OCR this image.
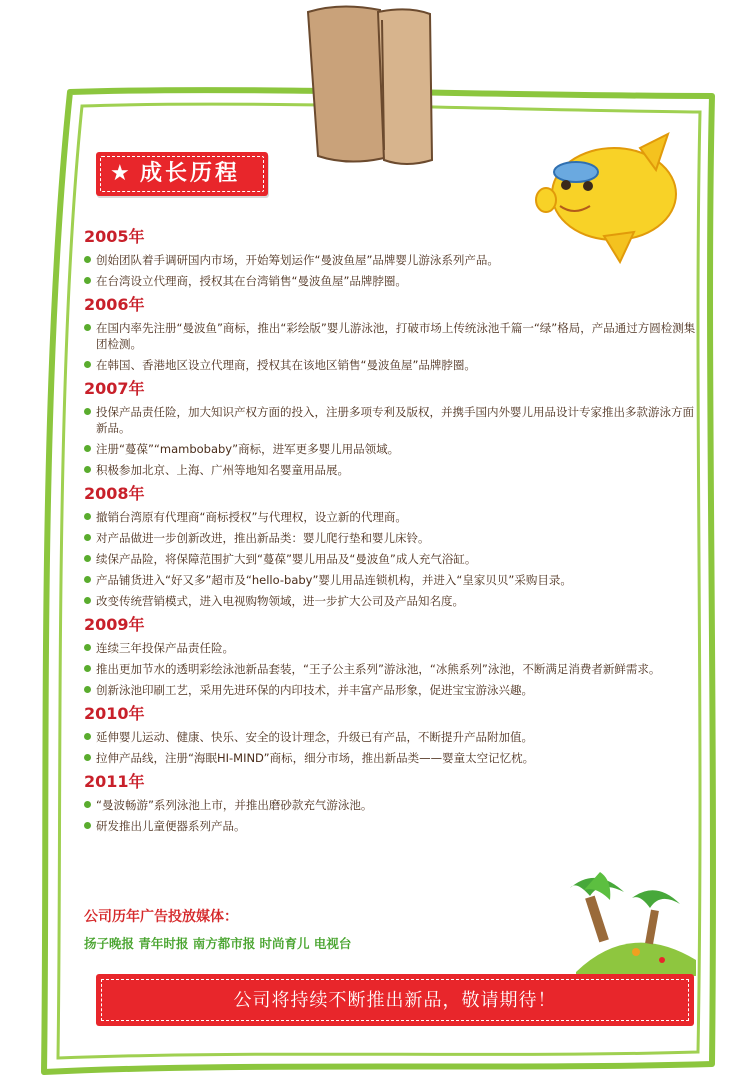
★ 成长历程
2005年
创始团队着手调研国内市场，开始筹划运作“曼波鱼屋”品牌婴儿游泳系列产品。
在台湾设立代理商，授权其在台湾销售“曼波鱼屋”品牌脖圈。
2006年
在国内率先注册“曼波鱼”商标，推出“彩绘版”婴儿游泳池，打破市场上传统泳池千篇一“绿”格局，产品通过方圆检测集团检测。
在韩国、香港地区设立代理商，授权其在该地区销售“曼波鱼屋”品牌脖圈。
2007年
投保产品责任险，加大知识产权方面的投入，注册多项专利及版权，并携手国内外婴儿用品设计专家推出多款游泳方面新品。
注册“蔓葆”“mambobaby”商标，进军更多婴儿用品领域。
积极参加北京、上海、广州等地知名婴童用品展。
2008年
撤销台湾原有代理商“商标授权”与代理权，设立新的代理商。
对产品做进一步创新改进，推出新品类：婴儿爬行垫和婴儿床铃。
续保产品险，将保障范围扩大到“蔓葆”婴儿用品及“曼波鱼”成人充气浴缸。
产品铺货进入“好又多”超市及“hello-baby”婴儿用品连锁机构，并进入“皇家贝贝”采购目录。
改变传统营销模式，进入电视购物领域，进一步扩大公司及产品知名度。
2009年
连续三年投保产品责任险。
推出更加节水的透明彩绘泳池新品套装，“王子公主系列”游泳池，“冰熊系列”泳池，不断满足消费者新鲜需求。
创新泳池印刷工艺，采用先进环保的内印技术，并丰富产品形象，促进宝宝游泳兴趣。
2010年
延伸婴儿运动、健康、快乐、安全的设计理念，升级已有产品，不断提升产品附加值。
拉伸产品线，注册“海眠HI-MIND”商标，细分市场，推出新品类——婴童太空记忆枕。
2011年
“曼波畅游”系列泳池上市，并推出磨砂款充气游泳池。
研发推出儿童便器系列产品。
公司历年广告投放媒体：
扬子晚报 青年时报 南方都市报 时尚育儿 电视台
公司将持续不断推出新品，敬请期待！
